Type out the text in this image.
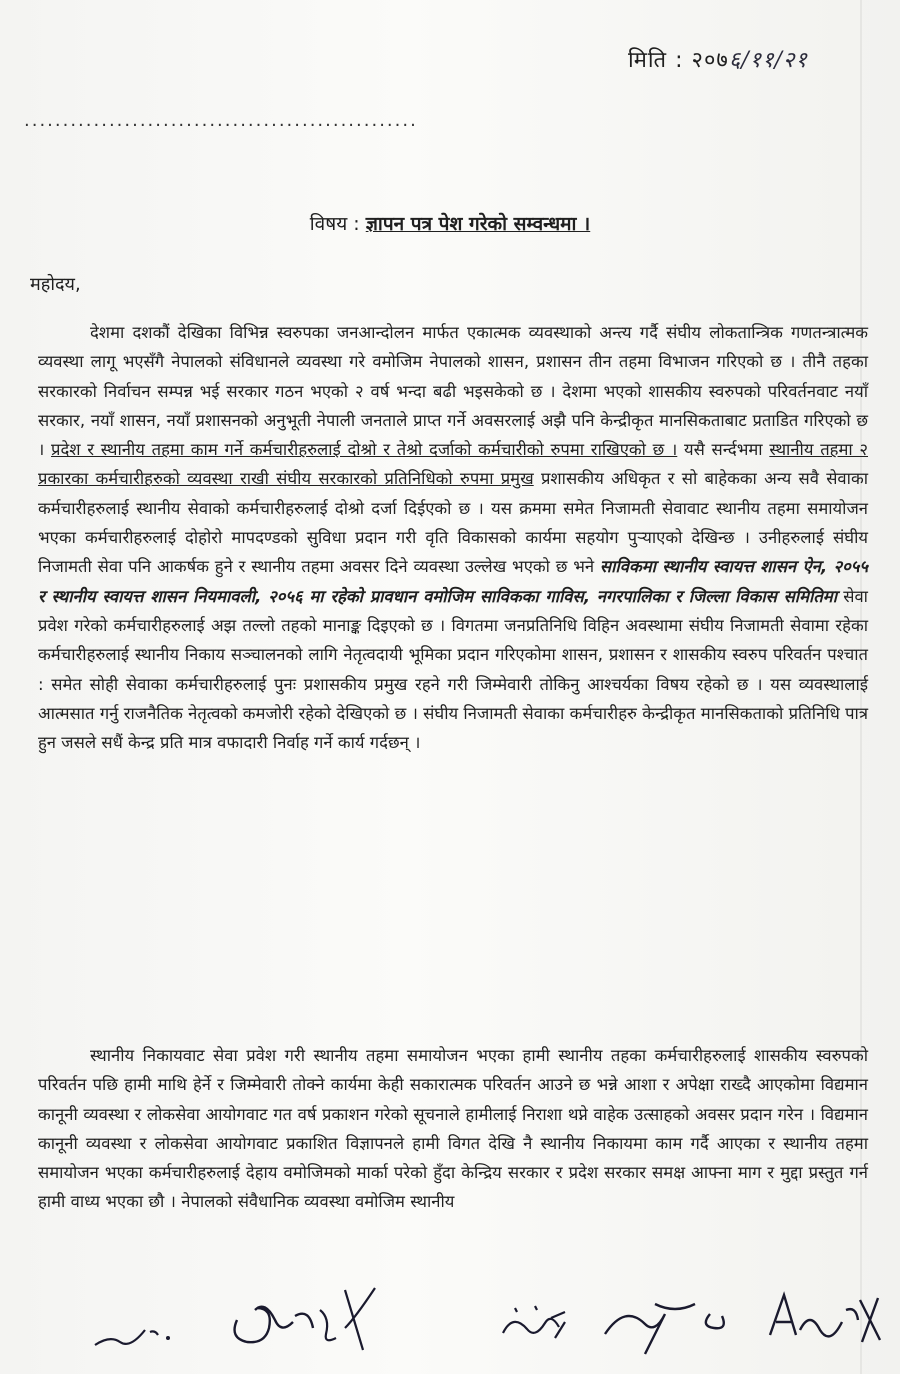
मिति : २०७६/११/२१
...................................................
विषय : ज्ञापन पत्र पेश गरेको सम्वन्धमा ।
महोदय,
देशमा दशकौं देखिका विभिन्न स्वरुपका जनआन्दोलन मार्फत एकात्मक व्यवस्थाको अन्त्य गर्दै संघीय लोकतान्त्रिक गणतन्त्रात्मक व्यवस्था लागू भएसँगै नेपालको संविधानले व्यवस्था गरे वमोजिम नेपालको शासन, प्रशासन तीन तहमा विभाजन गरिएको छ । तीनै तहका सरकारको निर्वाचन सम्पन्न भई सरकार गठन भएको २ वर्ष भन्दा बढी भइसकेको छ । देशमा भएको शासकीय स्वरुपको परिवर्तनवाट नयाँ सरकार, नयाँ शासन, नयाँ प्रशासनको अनुभूती नेपाली जनताले प्राप्त गर्ने अवसरलाई अझै पनि केन्द्रीकृत मानसिकताबाट प्रताडित गरिएको छ । प्रदेश र स्थानीय तहमा काम गर्ने कर्मचारीहरुलाई दोश्रो र तेश्रो दर्जाको कर्मचारीको रुपमा राखिएको छ । यसै सर्न्दभमा स्थानीय तहमा २ प्रकारका कर्मचारीहरुको व्यवस्था राखी संघीय सरकारको प्रतिनिधिको रुपमा प्रमुख प्रशासकीय अधिकृत र सो बाहेकका अन्य सवै सेवाका कर्मचारीहरुलाई स्थानीय सेवाको कर्मचारीहरुलाई दोश्रो दर्जा दिईएको छ । यस क्रममा समेत निजामती सेवावाट स्थानीय तहमा समायोजन भएका कर्मचारीहरुलाई दोहोरो मापदण्डको सुविधा प्रदान गरी वृति विकासको कार्यमा सहयोग पुऱ्याएको देखिन्छ । उनीहरुलाई संघीय निजामती सेवा पनि आकर्षक हुने र स्थानीय तहमा अवसर दिने व्यवस्था उल्लेख भएको छ भने साविकमा स्थानीय स्वायत्त शासन ऐन, २०५५ र स्थानीय स्वायत्त शासन नियमावली, २०५६ मा रहेको प्रावधान वमोजिम साविकका गाविस, नगरपालिका र जिल्ला विकास समितिमा सेवा प्रवेश गरेको कर्मचारीहरुलाई अझ तल्लो तहको मानाङ्क दिइएको छ । विगतमा जनप्रतिनिधि विहिन अवस्थामा संघीय निजामती सेवामा रहेका कर्मचारीहरुलाई स्थानीय निकाय सञ्चालनको लागि नेतृत्वदायी भूमिका प्रदान गरिएकोमा शासन, प्रशासन र शासकीय स्वरुप परिवर्तन पश्चात : समेत सोही सेवाका कर्मचारीहरुलाई पुनः प्रशासकीय प्रमुख रहने गरी जिम्मेवारी तोकिनु आश्चर्यका विषय रहेको छ । यस व्यवस्थालाई आत्मसात गर्नु राजनैतिक नेतृत्वको कमजोरी रहेको देखिएको छ । संघीय निजामती सेवाका कर्मचारीहरु केन्द्रीकृत मानसिकताको प्रतिनिधि पात्र हुन जसले सधैं केन्द्र प्रति मात्र वफादारी निर्वाह गर्ने कार्य गर्दछन् ।
स्थानीय निकायवाट सेवा प्रवेश गरी स्थानीय तहमा समायोजन भएका हामी स्थानीय तहका कर्मचारीहरुलाई शासकीय स्वरुपको परिवर्तन पछि हामी माथि हेर्ने र जिम्मेवारी तोक्ने कार्यमा केही सकारात्मक परिवर्तन आउने छ भन्ने आशा र अपेक्षा राख्दै आएकोमा विद्यमान कानूनी व्यवस्था र लोकसेवा आयोगवाट गत वर्ष प्रकाशन गरेको सूचनाले हामीलाई निराशा थप्ने वाहेक उत्साहको अवसर प्रदान गरेन । विद्यमान कानूनी व्यवस्था र लोकसेवा आयोगवाट प्रकाशित विज्ञापनले हामी विगत देखि नै स्थानीय निकायमा काम गर्दै आएका र स्थानीय तहमा समायोजन भएका कर्मचारीहरुलाई देहाय वमोजिमको मार्का परेको हुँदा केन्द्रिय सरकार र प्रदेश सरकार समक्ष आफ्ना माग र मुद्दा प्रस्तुत गर्न हामी वाध्य भएका छौ । नेपालको संवैधानिक व्यवस्था वमोजिम स्थानीय
